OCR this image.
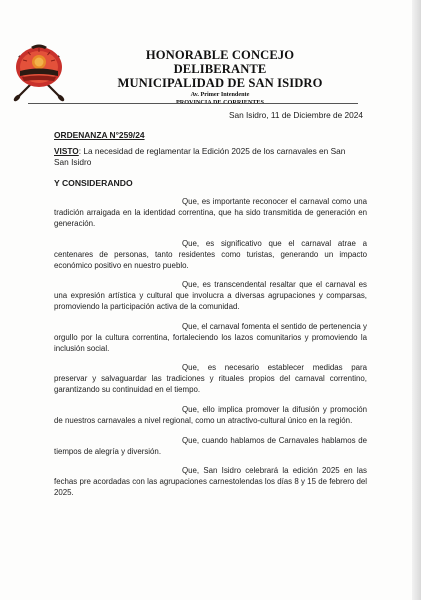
HONORABLE CONCEJO DELIBERANTE
MUNICIPALIDAD DE SAN ISIDRO
Av. Primer Intendente
San Isidro, 11 de Diciembre de 2024
ORDENANZA N°259/24
VISTO: La necesidad de reglamentar la Edición 2025 de los carnavales en San San Isidro
Y CONSIDERANDO

Que, es importante reconocer el carnaval como una tradición arraigada en la identidad correntina, que ha sido transmitida de generación en generación.

Que, es significativo que el carnaval atrae a centenares de personas, tanto residentes como turistas, generando un impacto económico positivo en nuestro pueblo.

Que, es transcendental resaltar que el carnaval es una expresión artística y cultural que involucra a diversas agrupaciones y comparsas, promoviendo la participación activa de la comunidad.

Que, el carnaval fomenta el sentido de pertenencia y orgullo por la cultura correntina, fortaleciendo los lazos comunitarios y promoviendo la inclusión social.

Que, es necesario establecer medidas para preservar y salvaguardar las tradiciones y rituales propios del carnaval correntino, garantizando su continuidad en el tiempo.

Que, ello implica promover la difusión y promoción de nuestros carnavales a nivel regional, como un atractivo-cultural único en la región.

Que, cuando hablamos de Carnavales hablamos de tiempos de alegría y diversión.

Que, San Isidro celebrará la edición 2025 en las fechas pre acordadas con las agrupaciones carnestolendas los días 8 y 15 de febrero del 2025.
